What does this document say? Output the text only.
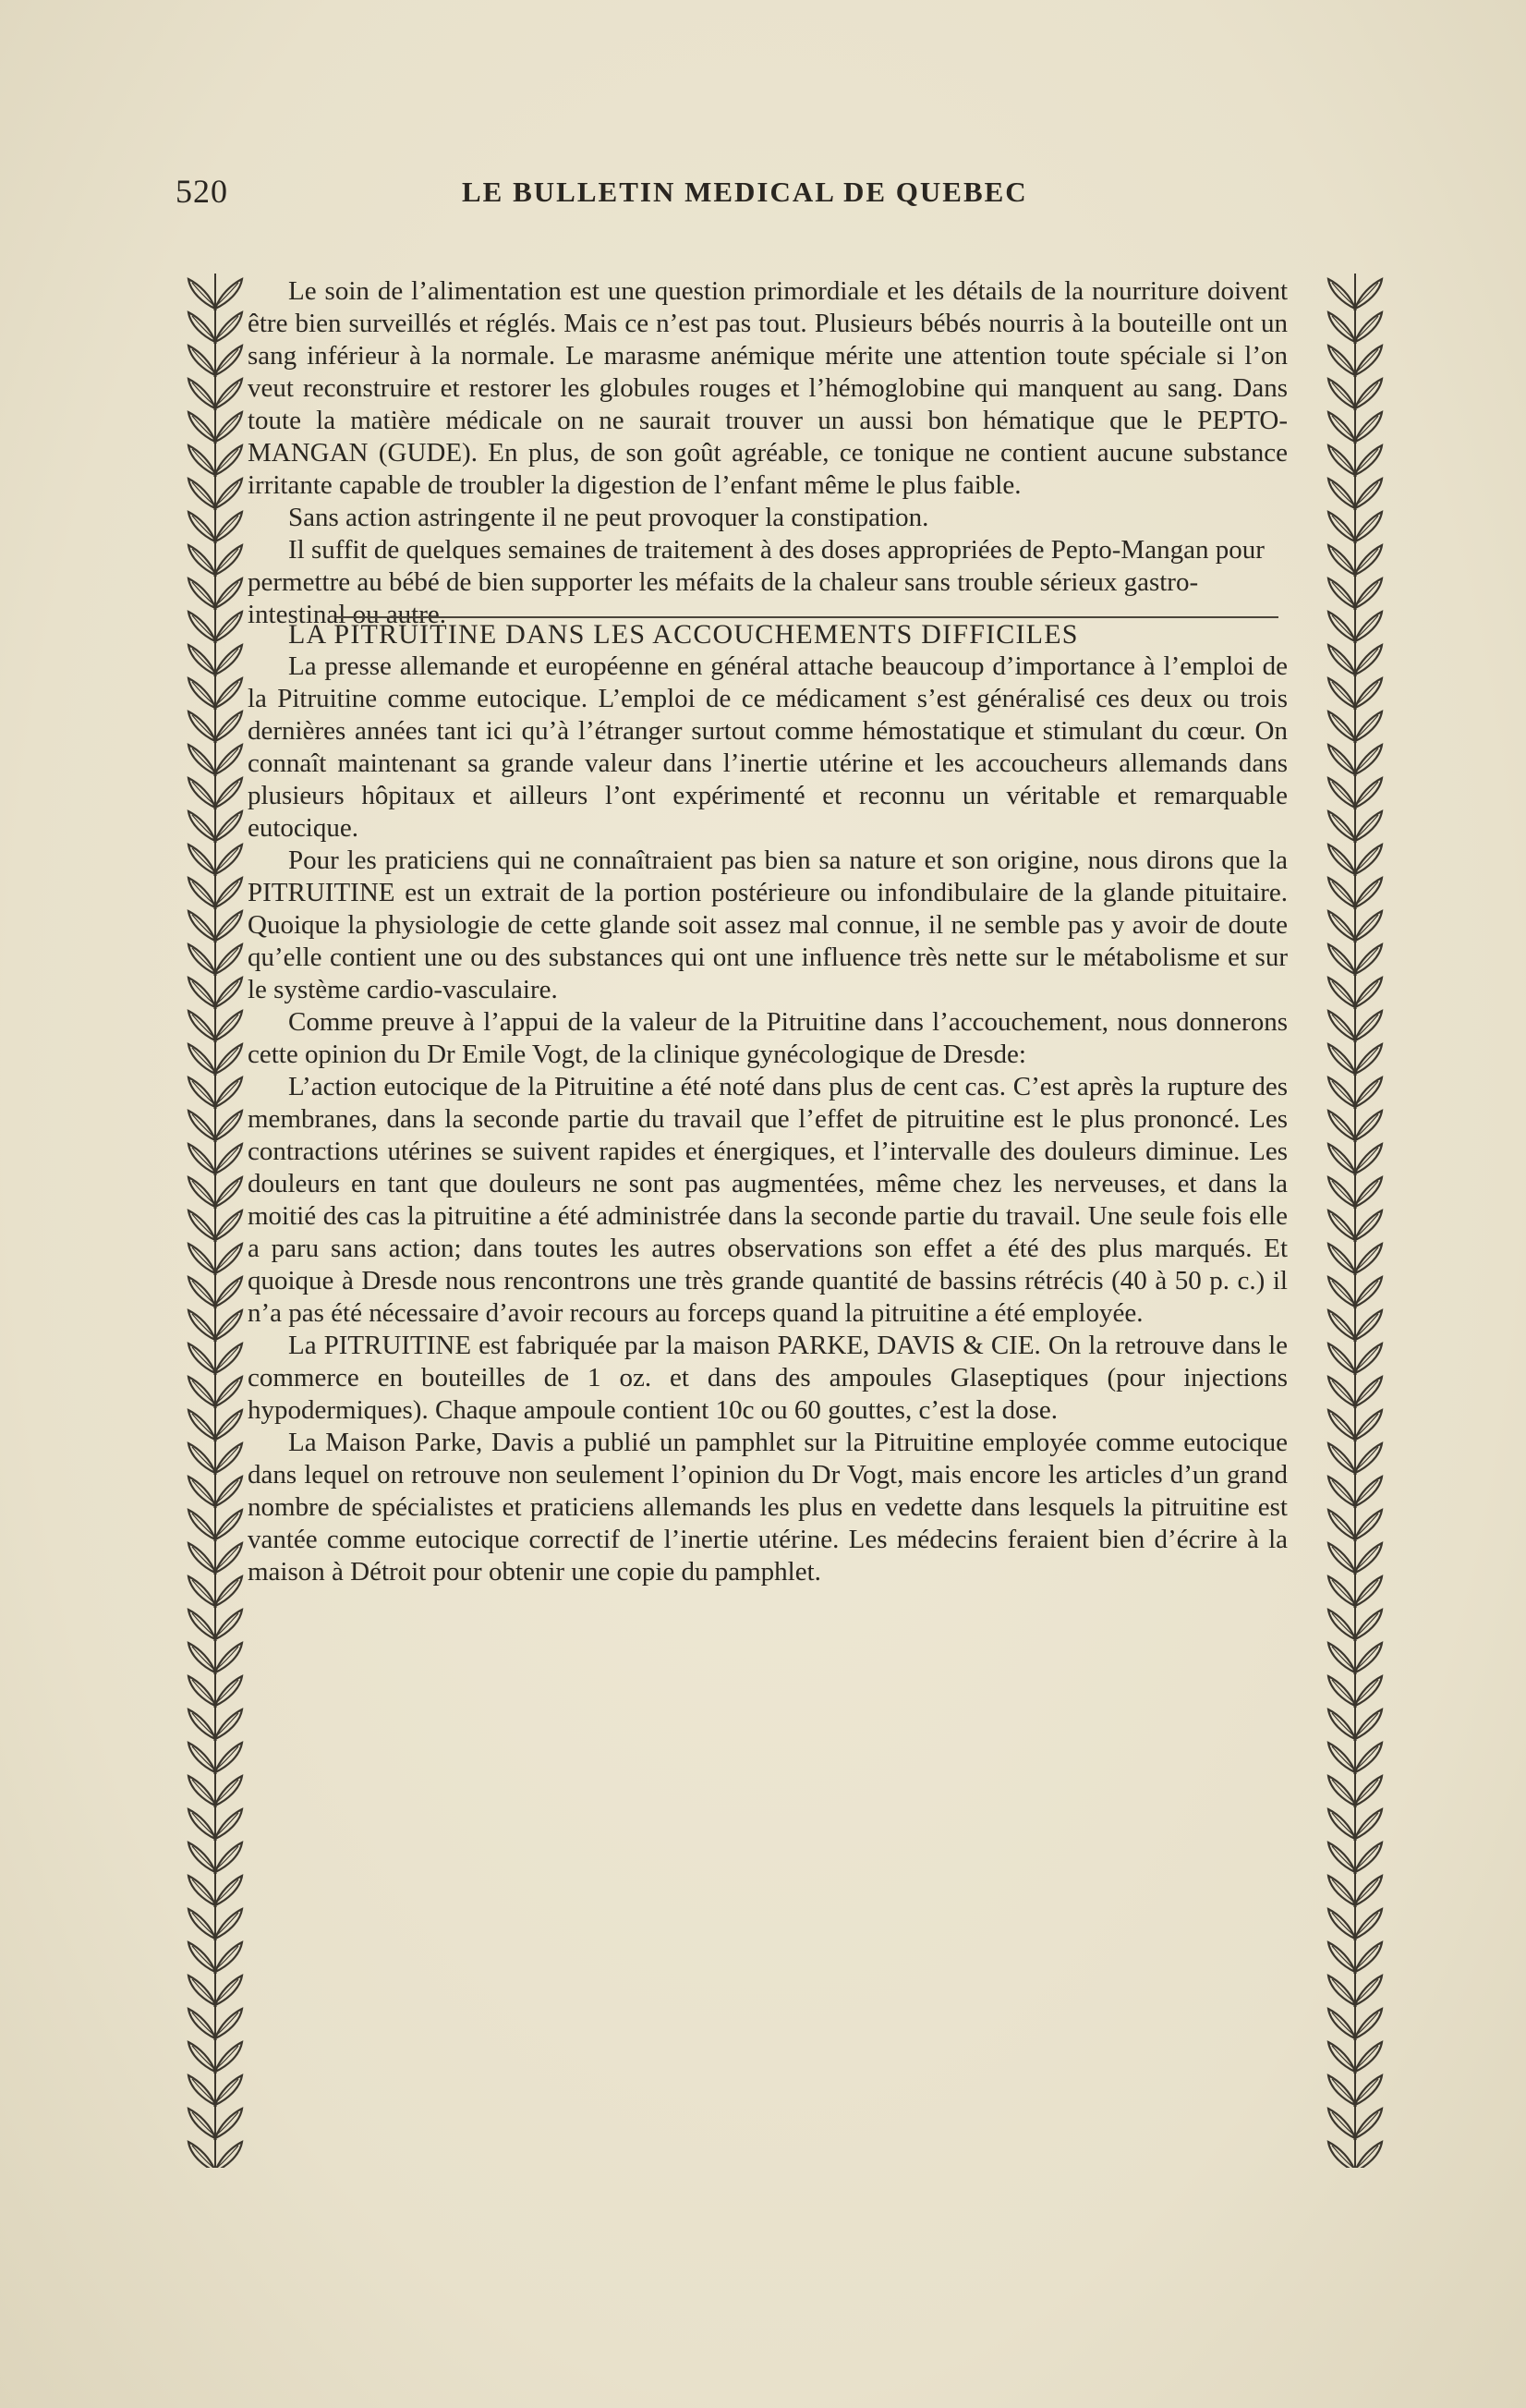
520	LE BULLETIN MEDICAL DE QUEBEC

Le soin de l’alimentation est une question primordiale et les détails de la nourriture doivent être bien surveillés et réglés. Mais ce n’est pas tout. Plusieurs bébés nourris à la bouteille ont un sang inférieur à la normale. Le marasme anémique mérite une attention toute spéciale si l’on veut reconstruire et restorer les globules rouges et l’hémoglobine qui manquent au sang. Dans toute la matière médicale on ne saurait trouver un aussi bon hématique que le PEPTO-MANGAN (GUDE). En plus, de son goût agréable, ce tonique ne contient aucune substance irritante capable de troubler la digestion de l’enfant même le plus faible.

Sans action astringente il ne peut provoquer la constipation.

Il suffit de quelques semaines de traitement à des doses appropriées de Pepto-Mangan pour permettre au bébé de bien supporter les méfaits de la chaleur sans trouble sérieux gastro-intestinal ou autre.

LA PITRUITINE DANS LES ACCOUCHEMENTS DIFFICILES

La presse allemande et européenne en général attache beaucoup d’importance à l’emploi de la Pitruitine comme eutocique. L’emploi de ce médicament s’est généralisé ces deux ou trois dernières années tant ici qu’à l’étranger surtout comme hémostatique et stimulant du cœur. On connaît maintenant sa grande valeur dans l’inertie utérine et les accoucheurs allemands dans plusieurs hôpitaux et ailleurs l’ont expérimenté et reconnu un véritable et remarquable eutocique.

Pour les praticiens qui ne connaîtraient pas bien sa nature et son origine, nous dirons que la PITRUITINE est un extrait de la portion postérieure ou infondibulaire de la glande pituitaire. Quoique la physiologie de cette glande soit assez mal connue, il ne semble pas y avoir de doute qu’elle contient une ou des substances qui ont une influence très nette sur le métabolisme et sur le système cardio-vasculaire.

Comme preuve à l’appui de la valeur de la Pitruitine dans l’accouchement, nous donnerons cette opinion du Dr Emile Vogt, de la clinique gynécologique de Dresde:

L’action eutocique de la Pitruitine a été noté dans plus de cent cas. C’est après la rupture des membranes, dans la seconde partie du travail que l’effet de pitruitine est le plus prononcé. Les contractions utérines se suivent rapides et énergiques, et l’intervalle des douleurs diminue. Les douleurs en tant que douleurs ne sont pas augmentées, même chez les nerveuses, et dans la moitié des cas la pitruitine a été administrée dans la seconde partie du travail. Une seule fois elle a paru sans action; dans toutes les autres observations son effet a été des plus marqués. Et quoique à Dresde nous rencontrons une très grande quantité de bassins rétrécis (40 à 50 p. c.) il n’a pas été nécessaire d’avoir recours au forceps quand la pitruitine a été employée.

La PITRUITINE est fabriquée par la maison PARKE, DAVIS & CIE. On la retrouve dans le commerce en bouteilles de 1 oz. et dans des ampoules Glaseptiques (pour injections hypodermiques). Chaque ampoule contient 10c ou 60 gouttes, c’est la dose.

La Maison Parke, Davis a publié un pamphlet sur la Pitruitine employée comme eutocique dans lequel on retrouve non seulement l’opinion du Dr Vogt, mais encore les articles d’un grand nombre de spécialistes et praticiens allemands les plus en vedette dans lesquels la pitruitine est vantée comme eutocique correctif de l’inertie utérine. Les médecins feraient bien d’écrire à la maison à Détroit pour obtenir une copie du pamphlet.
